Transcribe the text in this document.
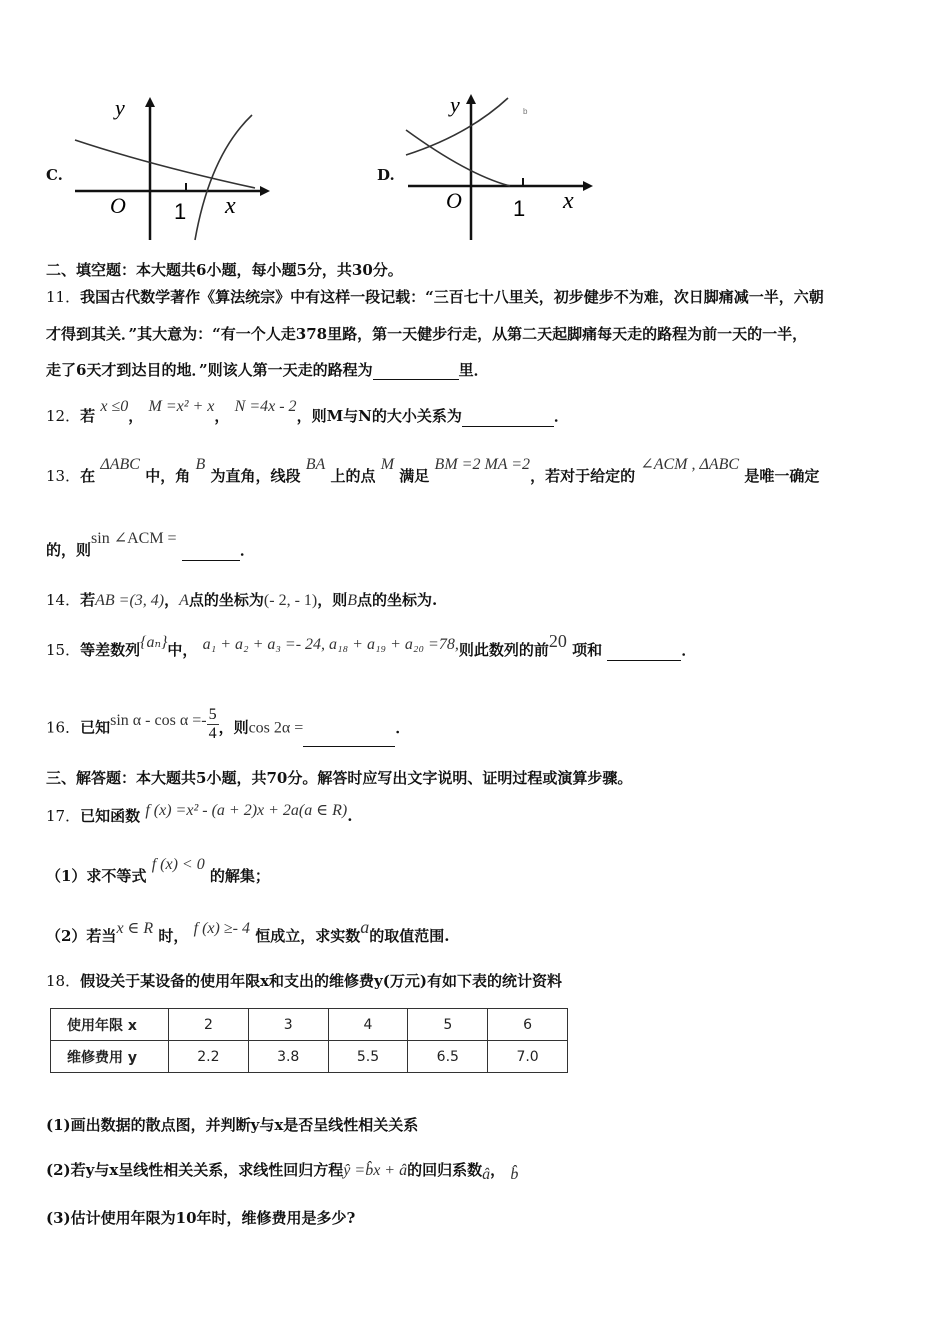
C.
y
O 1 x
D.
y
O 1 x
b
二、填空题：本大题共6小题，每小题5分，共30分。
11．我国古代数学著作《算法统宗》中有这样一段记载：“三百七十八里关，初步健步不为难，次日脚痛减一半，六朝
才得到其关．”其大意为：“有一个人走378里路，第一天健步行走，从第二天起脚痛每天走的路程为前一天的一半，
走了6天才到达目的地．”则该人第一天走的路程为	里．
12．若 x ≤0， M =x² + x， N =4x - 2，则M与N的大小关系为	．
13．在 ΔABC 中，角 B 为直角，线段 BA 上的点 M 满足 BM =2 MA =2，若对于给定的 ∠ACM , ΔABC 是唯一确定
的，则sin ∠ACM = ．
14．若AB =(3, 4)，A点的坐标为(- 2, - 1)，则B点的坐标为.
15．等差数列{aₙ}中， a₁ + a₂ + a₃ =- 24, a₁₈ + a₁₉ + a₂₀ =78,则此数列的前20 项和	．
16．已知$\sin \alpha - \cos \alpha =- \frac{5}{4}$ ，则cos 2α =	．
三、解答题：本大题共5小题，共70分。解答时应写出文字说明、证明过程或演算步骤。
17．已知函数 f (x) =x² - (a + 2)x + 2a(a ∈ R).
（1）求不等式 f (x) < 0 的解集；
（2）若当x ∈ R 时， f (x) ≥- 4 恒成立，求实数a的取值范围.
18．假设关于某设备的使用年限x和支出的维修费y(万元)有如下表的统计资料
使用年限 x	2	3	4	5	6
维修费用 y	2.2	3.8	5.5	6.5	7.0
(1)画出数据的散点图，并判断y与x是否呈线性相关关系
(2)若y与x呈线性相关关系，求线性回归方程ŷ =b̂x + â的回归系数â， b̂
(3)估计使用年限为10年时，维修费用是多少?
